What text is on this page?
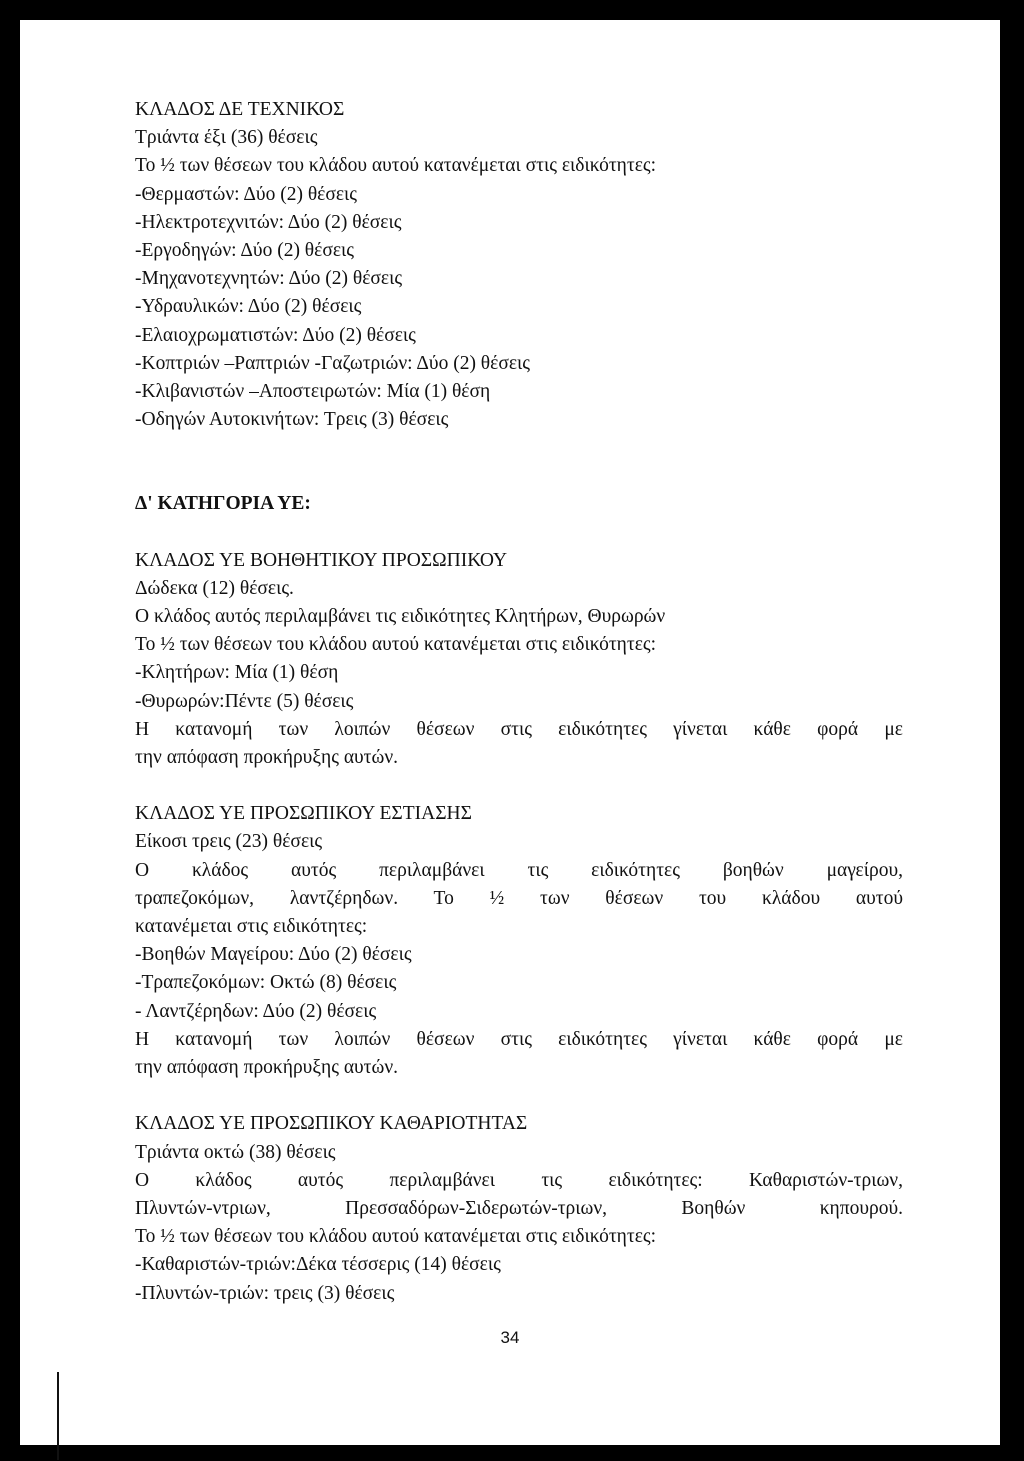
ΚΛΑΔΟΣ ΔΕ ΤΕΧΝΙΚΟΣ

Τριάντα έξι (36) θέσεις

Το ½ των θέσεων του κλάδου αυτού κατανέμεται στις ειδικότητες:

-Θερμαστών: Δύο (2) θέσεις

-Ηλεκτροτεχνιτών: Δύο (2) θέσεις

-Εργοδηγών: Δύο (2) θέσεις

-Μηχανοτεχνητών: Δύο (2) θέσεις

-Υδραυλικών: Δύο (2) θέσεις

-Ελαιοχρωματιστών: Δύο (2) θέσεις

-Κοπτριών –Ραπτριών -Γαζωτριών: Δύο (2) θέσεις

-Κλιβανιστών –Αποστειρωτών: Μία (1) θέση

-Οδηγών Αυτοκινήτων: Τρεις (3) θέσεις

Δ' ΚΑΤΗΓΟΡΙΑ ΥΕ:

ΚΛΑΔΟΣ ΥΕ ΒΟΗΘΗΤΙΚΟΥ ΠΡΟΣΩΠΙΚΟΥ

Δώδεκα (12) θέσεις.

Ο κλάδος αυτός περιλαμβάνει τις ειδικότητες Κλητήρων, Θυρωρών

Το ½ των θέσεων του κλάδου αυτού κατανέμεται στις ειδικότητες:

-Κλητήρων: Μία (1) θέση

-Θυρωρών:Πέντε (5) θέσεις

Η κατανομή των λοιπών θέσεων στις ειδικότητες γίνεται κάθε φορά με

την απόφαση προκήρυξης αυτών.

ΚΛΑΔΟΣ ΥΕ ΠΡΟΣΩΠΙΚΟΥ ΕΣΤΙΑΣΗΣ

Είκοσι τρεις (23) θέσεις

Ο κλάδος αυτός περιλαμβάνει τις ειδικότητες βοηθών μαγείρου,

τραπεζοκόμων, λαντζέρηδων. Το ½ των θέσεων του κλάδου αυτού

κατανέμεται στις ειδικότητες:

-Βοηθών Μαγείρου: Δύο (2) θέσεις

-Τραπεζοκόμων: Οκτώ (8) θέσεις

- Λαντζέρηδων: Δύο (2) θέσεις

Η κατανομή των λοιπών θέσεων στις ειδικότητες γίνεται κάθε φορά με

την απόφαση προκήρυξης αυτών.

ΚΛΑΔΟΣ ΥΕ ΠΡΟΣΩΠΙΚΟΥ ΚΑΘΑΡΙΟΤΗΤΑΣ

Τριάντα οκτώ (38) θέσεις

Ο κλάδος αυτός περιλαμβάνει τις ειδικότητες: Καθαριστών-τριων,

Πλυντών-ντριων, Πρεσσαδόρων-Σιδερωτών-τριων, Βοηθών κηπουρού.

Το ½ των θέσεων του κλάδου αυτού κατανέμεται στις ειδικότητες:

-Καθαριστών-τριών:Δέκα τέσσερις (14) θέσεις

-Πλυντών-τριών: τρεις (3) θέσεις

34
